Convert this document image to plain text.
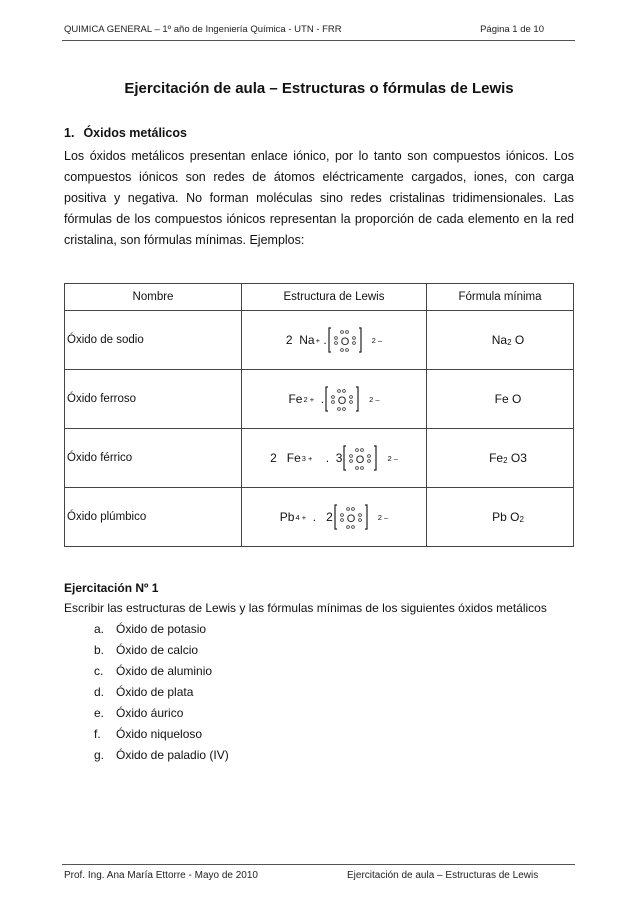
QUIMICA GENERAL – 1º año de Ingeniería Química - UTN - FRR	Página 1 de 10
Ejercitación de aula – Estructuras o fórmulas de Lewis
1. Óxidos metálicos
Los óxidos metálicos presentan enlace iónico, por lo tanto son compuestos iónicos. Los compuestos iónicos son redes de átomos eléctricamente cargados, iones, con carga positiva y negativa. No forman moléculas sino redes cristalinas tridimensionales. Las fórmulas de los compuestos iónicos representan la proporción de cada elemento en la red cristalina, son fórmulas mínimas. Ejemplos:
Nombre	Estructura de Lewis	Fórmula mínima
Óxido de sodio	2  Na + . O 2 –	$Na_2$ O
Óxido ferroso	Fe 2 + . O 2 –	Fe O
Óxido férrico	2   Fe 3 + .  3 O 2 –	$Fe_2$ O3
Óxido plúmbico	Pb 4 + .   2 O 2 –	Pb $O_2$
Ejercitación Nº 1
Escribir las estructuras de Lewis y las fórmulas mínimas de los siguientes óxidos metálicos
a. Óxido de potasio
b. Óxido de calcio
c. Óxido de aluminio
d. Óxido de plata
e. Óxido áurico
f. Óxido niqueloso
g. Óxido de paladio (IV)
Prof. Ing. Ana María Ettorre - Mayo de 2010	Ejercitación de aula – Estructuras de Lewis
